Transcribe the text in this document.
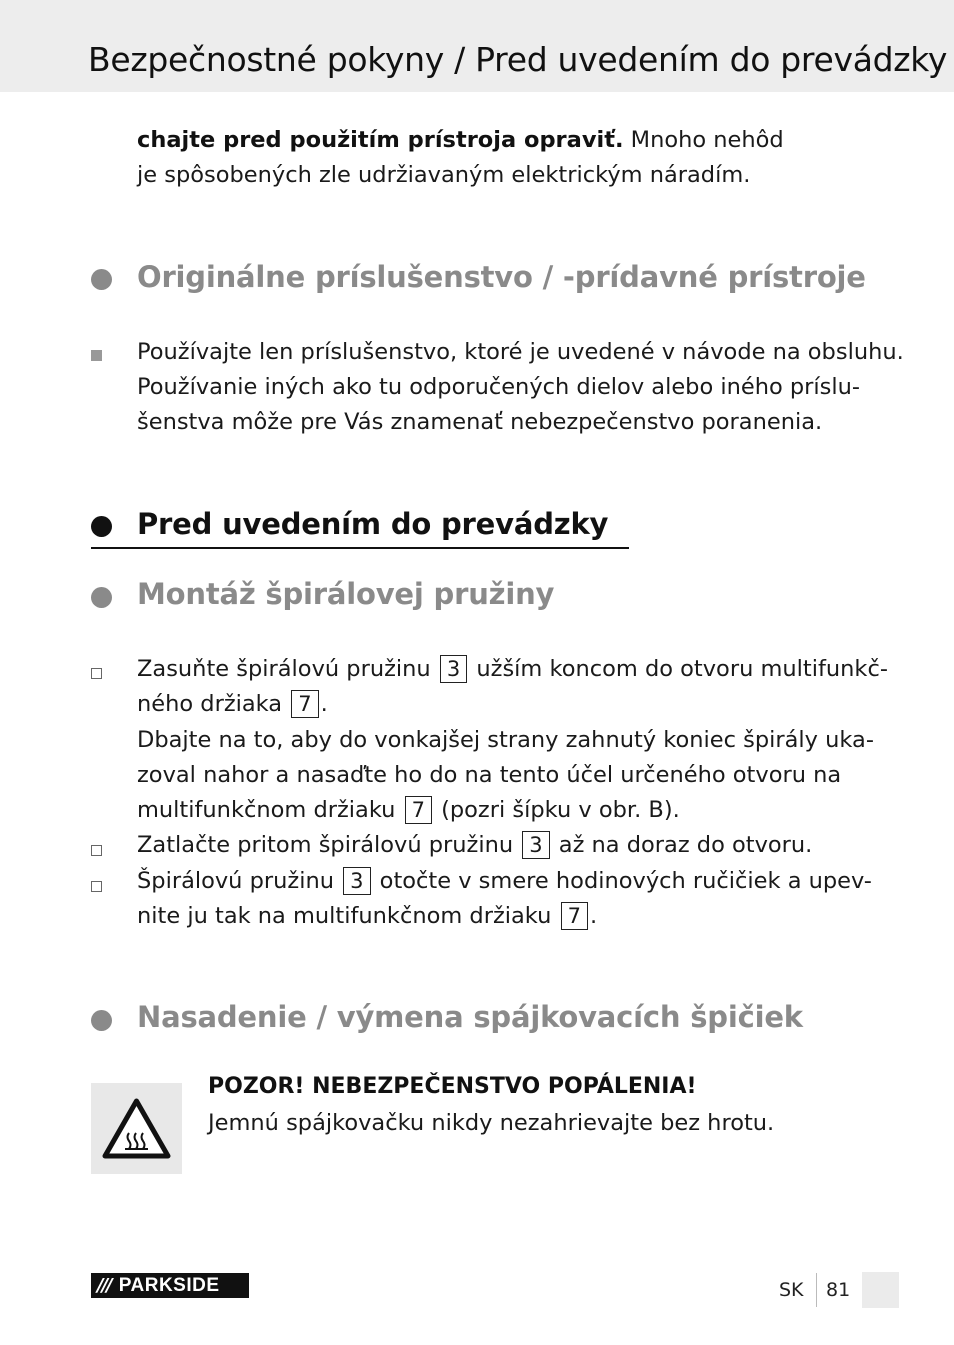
Bezpečnostné pokyny / Pred uvedením do prevádzky
chajte pred použitím prístroja opraviť. Mnoho nehôd
je spôsobených zle udržiavaným elektrickým náradím.
Originálne príslušenstvo / -prídavné prístroje
Používajte len príslušenstvo, ktoré je uvedené v návode na obsluhu.
Používanie iných ako tu odporučených dielov alebo iného príslu-
šenstva môže pre Vás znamenať nebezpečenstvo poranenia.
Pred uvedením do prevádzky
Montáž špirálovej pružiny
Zasuňte špirálovú pružinu 3 užším koncom do otvoru multifunkč-
ného držiaka 7 .
Dbajte na to, aby do vonkajšej strany zahnutý koniec špirály uka-
zoval nahor a nasaďte ho do na tento účel určeného otvoru na
multifunkčnom držiaku 7 (pozri šípku v obr. B).
Zatlačte pritom špirálovú pružinu 3 až na doraz do otvoru.
Špirálovú pružinu 3 otočte v smere hodinových ručičiek a upev-
nite ju tak na multifunkčnom držiaku 7 .
Nasadenie / výmena spájkovacích špičiek
POZOR! NEBEZPEČENSTVO POPÁLENIA!
Jemnú spájkovačku nikdy nezahrievajte bez hrotu.
/// PARKSIDE	SK 81
